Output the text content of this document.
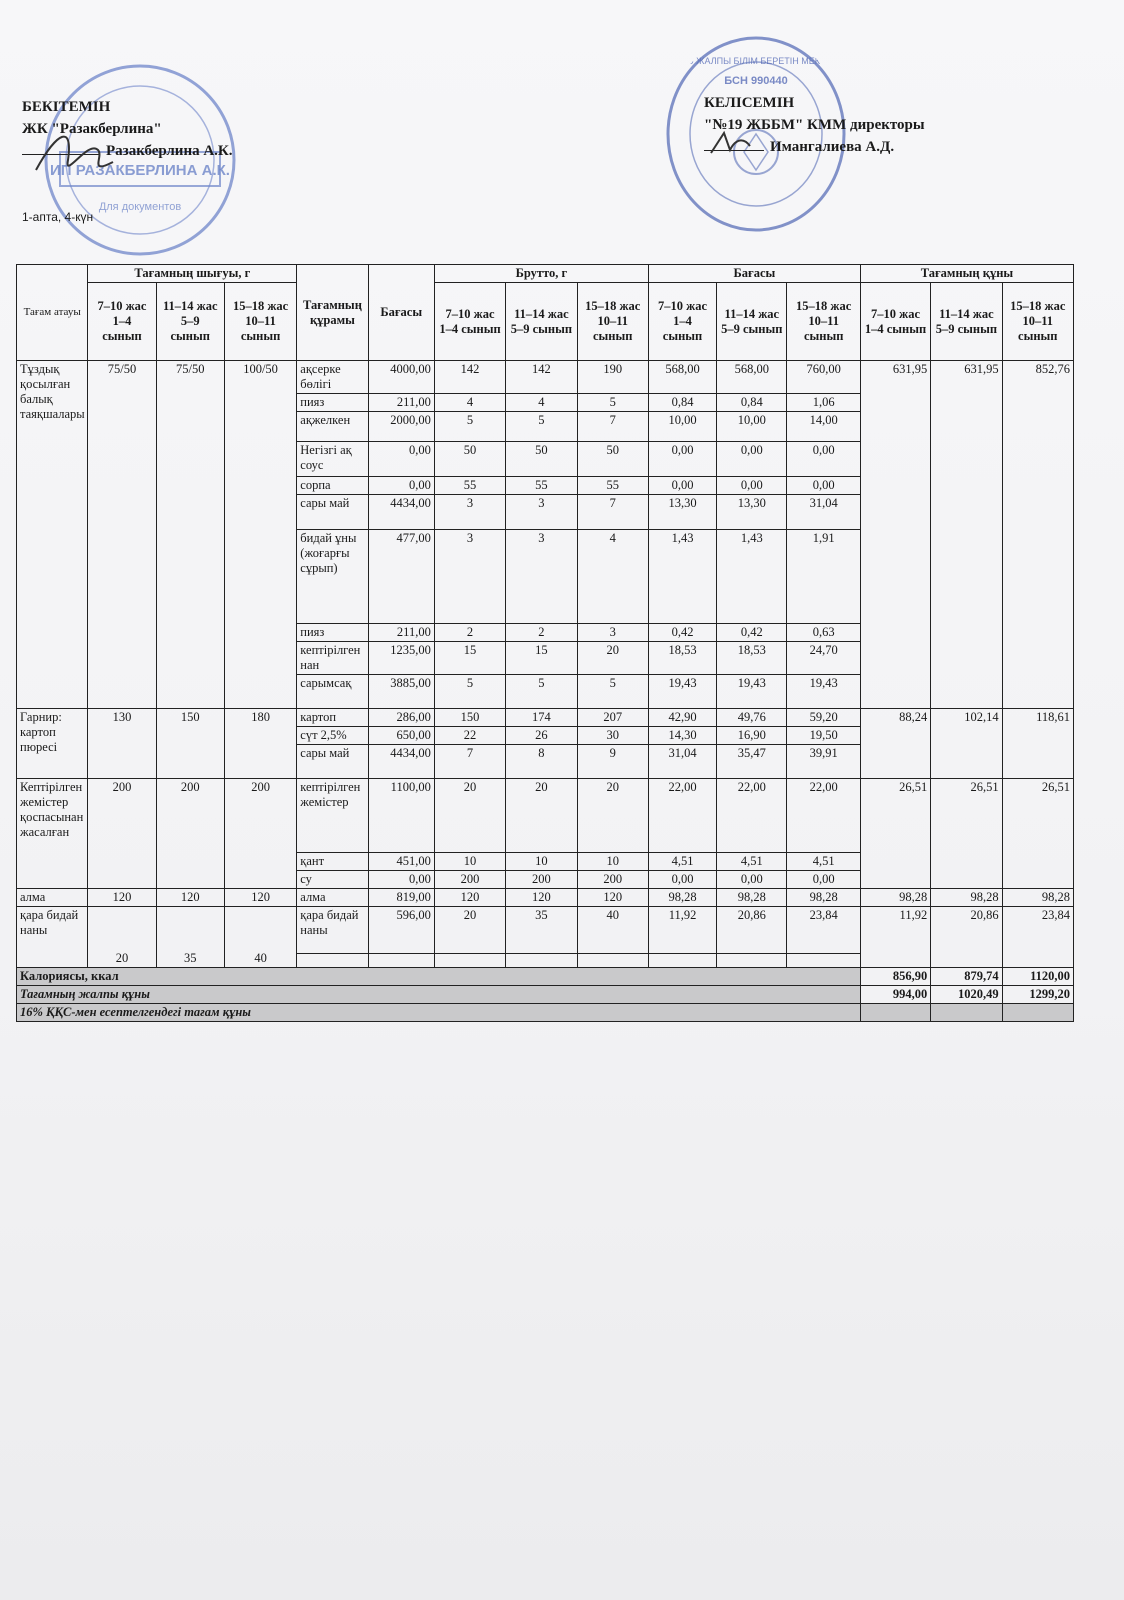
ИП РАЗАКБЕРЛИНА А.К.
Для документов
№19 ЖАЛПЫ БІЛІМ БЕРЕТІН МЕКТЕП
БСН 990440
БЕКІТЕМІН
ЖК "Разакберлина"
Разакберлина А.К.
1-апта, 4-күн
КЕЛІСЕМІН
"№19 ЖББМ" КММ директоры
Имангалиева А.Д.
Тағам атауы	Тағамның шығуы, г			Тағамның құрамы	Бағасы	Брутто, г			Бағасы			Тағамның құны		
	7–10 жас 1–4 сынып	11–14 жас 5–9 сынып	15–18 жас 10–11 сынып			7–10 жас 1–4 сынып	11–14 жас 5–9 сынып	15–18 жас 10–11 сынып	7–10 жас 1–4 сынып	11–14 жас 5–9 сынып	15–18 жас 10–11 сынып	7–10 жас 1–4 сынып	11–14 жас 5–9 сынып	15–18 жас 10–11 сынып
Тұздық қосылған балық таяқшалары	75/50	75/50	100/50	ақсерке бөлігі	4000,00	142	142	190	568,00	568,00	760,00	631,95	631,95	852,76
				пияз	211,00	4	4	5	0,84	0,84	1,06			
				ақжелкен	2000,00	5	5	7	10,00	10,00	14,00			
				Негізгі ақ соус	0,00	50	50	50	0,00	0,00	0,00			
				сорпа	0,00	55	55	55	0,00	0,00	0,00			
				сары май	4434,00	3	3	7	13,30	13,30	31,04			
				бидай ұны (жоғарғы сұрып)	477,00	3	3	4	1,43	1,43	1,91			
				пияз	211,00	2	2	3	0,42	0,42	0,63			
				кептірілген нан	1235,00	15	15	20	18,53	18,53	24,70			
				сарымсақ	3885,00	5	5	5	19,43	19,43	19,43			
Гарнир: картоп пюресі	130	150	180	картоп	286,00	150	174	207	42,90	49,76	59,20	88,24	102,14	118,61
				сүт 2,5%	650,00	22	26	30	14,30	16,90	19,50			
				сары май	4434,00	7	8	9	31,04	35,47	39,91			
Кептірілген жемістер қоспасынан жасалған	200	200	200	кептірілген жемістер	1100,00	20	20	20	22,00	22,00	22,00	26,51	26,51	26,51
				қант	451,00	10	10	10	4,51	4,51	4,51			
				су	0,00	200	200	200	0,00	0,00	0,00			
алма	120	120	120	алма	819,00	120	120	120	98,28	98,28	98,28	98,28	98,28	98,28
қара бидай наны	20	35	40	қара бидай наны	596,00	20	35	40	11,92	20,86	23,84	11,92	20,86	23,84

Калориясы, ккал												856,90	879,74	1120,00
Тағамның жалпы құны												994,00	1020,49	1299,20
16% ҚҚС-мен есептелгендегі тағам құны														
